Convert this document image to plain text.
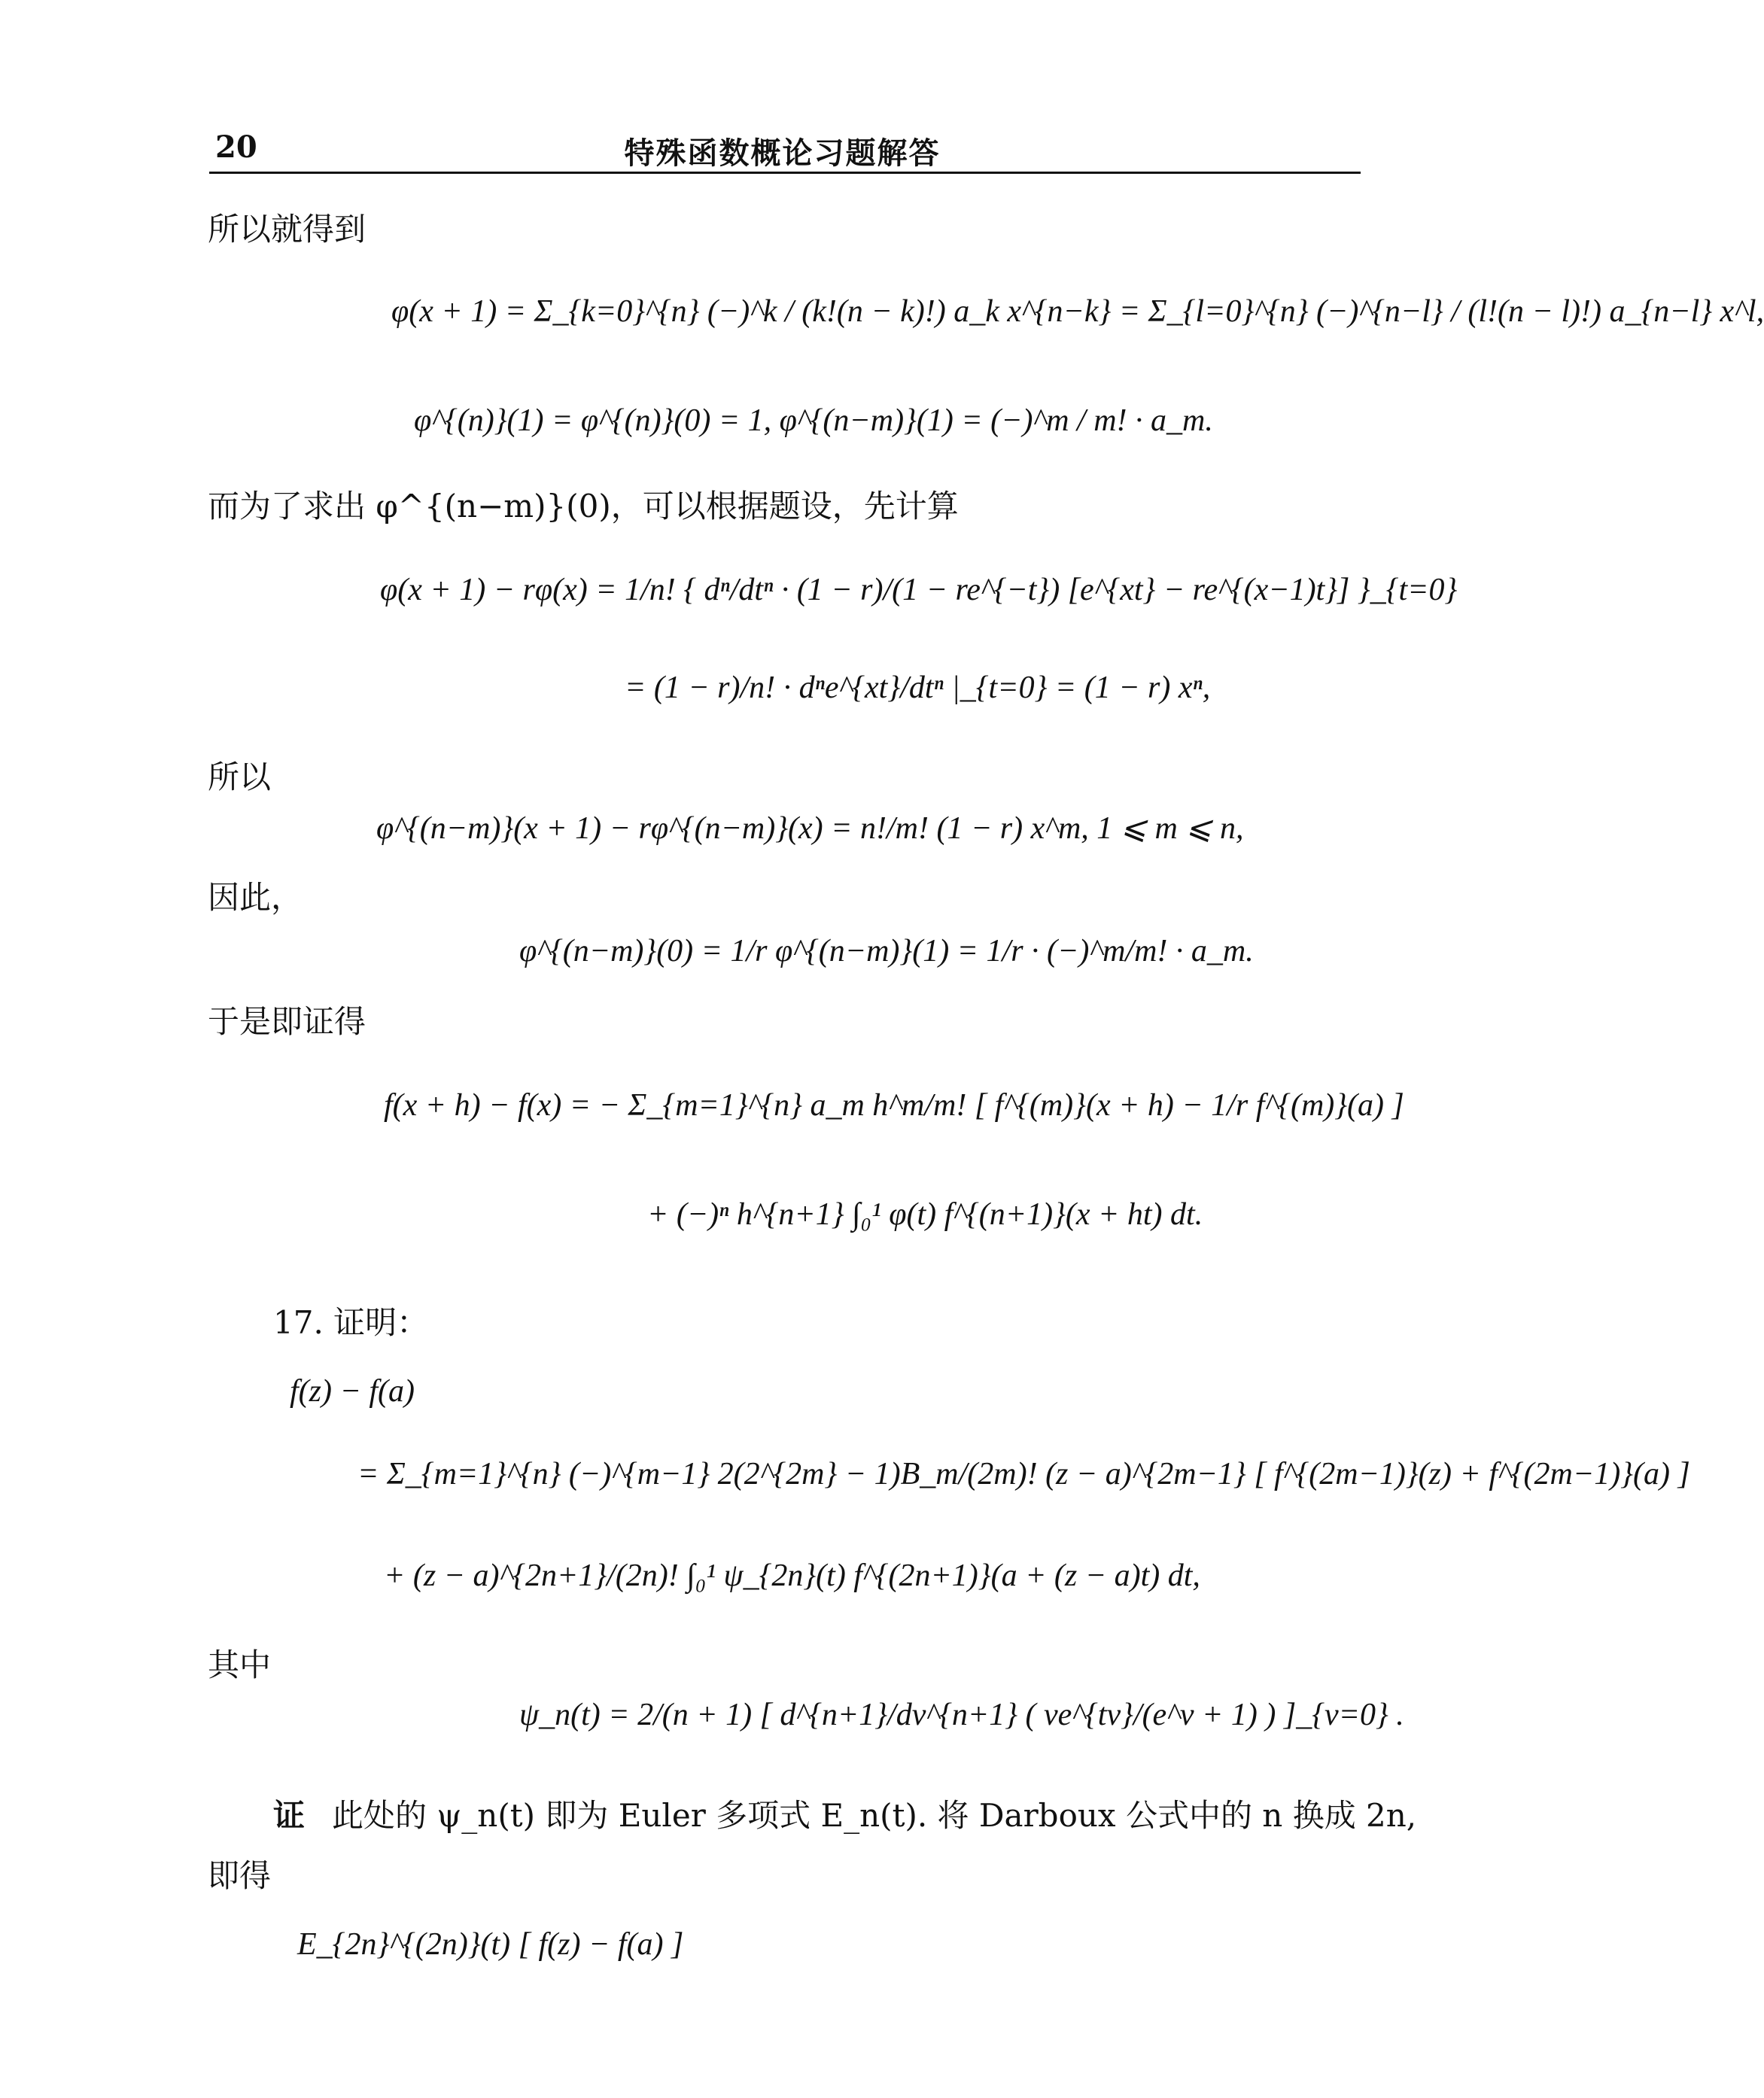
20	特殊函数概论习题解答
所以就得到
φ(x + 1) = Σ_{k=0}^{n} (−)^k / (k!(n − k)!) a_k x^{n−k} = Σ_{l=0}^{n} (−)^{n−l} / (l!(n − l)!) a_{n−l} x^l,
φ^{(n)}(1) = φ^{(n)}(0) = 1, φ^{(n−m)}(1) = (−)^m / m! · a_m.
而为了求出 φ^{(n−m)}(0)，可以根据题设，先计算
φ(x + 1) − rφ(x) = 1/n! { dⁿ/dtⁿ · (1 − r)/(1 − re^{−t}) [e^{xt} − re^{(x−1)t}] }_{t=0}
= (1 − r)/n! · dⁿe^{xt}/dtⁿ |_{t=0} = (1 − r) xⁿ,
所以
φ^{(n−m)}(x + 1) − rφ^{(n−m)}(x) = n!/m! (1 − r) x^m, 1 ⩽ m ⩽ n,
因此，
φ^{(n−m)}(0) = 1/r φ^{(n−m)}(1) = 1/r · (−)^m/m! · a_m.
于是即证得
f(x + h) − f(x) = − Σ_{m=1}^{n} a_m h^m/m! [ f^{(m)}(x + h) − 1/r f^{(m)}(a) ]
+ (−)ⁿ h^{n+1} ∫₀¹ φ(t) f^{(n+1)}(x + ht) dt.
17. 证明：
f(z) − f(a)
= Σ_{m=1}^{n} (−)^{m−1} 2(2^{2m} − 1)B_m/(2m)! (z − a)^{2m−1} [ f^{(2m−1)}(z) + f^{(2m−1)}(a) ]
+ (z − a)^{2n+1}/(2n)! ∫₀¹ ψ_{2n}(t) f^{(2n+1)}(a + (z − a)t) dt,
其中
ψ_n(t) = 2/(n + 1) [ d^{n+1}/dv^{n+1} ( ve^{tv}/(e^v + 1) ) ]_{v=0} .
证 此处的 ψ_n(t) 即为 Euler 多项式 E_n(t). 将 Darboux 公式中的 n 换成 2n,
即得
E_{2n}^{(2n)}(t) [ f(z) − f(a) ]
